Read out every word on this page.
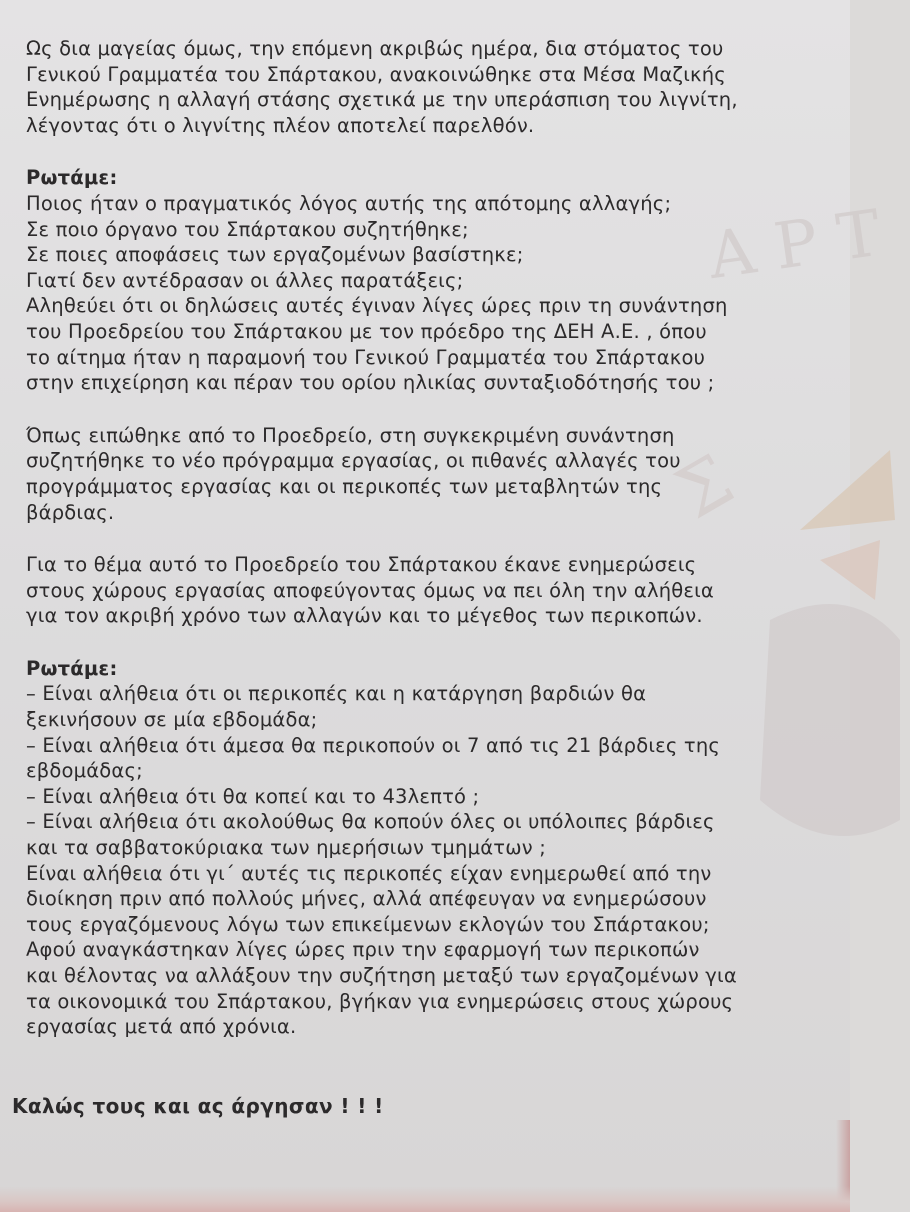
Α Ρ Τ
Σ

Ως δια μαγείας όμως, την επόμενη ακριβώς ημέρα, δια στόματος του
Γενικού Γραμματέα του Σπάρτακου, ανακοινώθηκε στα Μέσα Μαζικής
Ενημέρωσης η αλλαγή στάσης σχετικά με την υπεράσπιση του λιγνίτη,
λέγοντας ότι ο λιγνίτης πλέον αποτελεί παρελθόν.

Ρωτάμε:
Ποιος ήταν ο πραγματικός λόγος αυτής της απότομης αλλαγής;
Σε ποιο όργανο του Σπάρτακου συζητήθηκε;
Σε ποιες αποφάσεις των εργαζομένων βασίστηκε;
Γιατί δεν αντέδρασαν οι άλλες παρατάξεις;
Αληθεύει ότι οι δηλώσεις αυτές έγιναν λίγες ώρες πριν τη συνάντηση
του Προεδρείου του Σπάρτακου με τον πρόεδρο της ΔΕΗ Α.Ε. , όπου
το αίτημα ήταν η παραμονή του Γενικού Γραμματέα του Σπάρτακου
στην επιχείρηση και πέραν του ορίου ηλικίας συνταξιοδότησής του ;

Όπως ειπώθηκε από το Προεδρείο, στη συγκεκριμένη συνάντηση
συζητήθηκε το νέο πρόγραμμα εργασίας, οι πιθανές αλλαγές του
προγράμματος εργασίας και οι περικοπές των μεταβλητών της
βάρδιας.

Για το θέμα αυτό το Προεδρείο του Σπάρτακου έκανε ενημερώσεις
στους χώρους εργασίας αποφεύγοντας όμως να πει όλη την αλήθεια
για τον ακριβή χρόνο των αλλαγών και το μέγεθος των περικοπών.

Ρωτάμε:
– Είναι αλήθεια ότι οι περικοπές και η κατάργηση βαρδιών θα
ξεκινήσουν σε μία εβδομάδα;
– Είναι αλήθεια ότι άμεσα θα περικοπούν οι 7 από τις 21 βάρδιες της
εβδομάδας;
– Είναι αλήθεια ότι θα κοπεί και το 43λεπτό ;
– Είναι αλήθεια ότι ακολούθως θα κοπούν όλες οι υπόλοιπες βάρδιες
και τα σαββατοκύριακα των ημερήσιων τμημάτων ;
Είναι αλήθεια ότι γι΄ αυτές τις περικοπές είχαν ενημερωθεί από την
διοίκηση πριν από πολλούς μήνες, αλλά απέφευγαν να ενημερώσουν
τους εργαζόμενους λόγω των επικείμενων εκλογών του Σπάρτακου;
Αφού αναγκάστηκαν λίγες ώρες πριν την εφαρμογή των περικοπών
και θέλοντας να αλλάξουν την συζήτηση μεταξύ των εργαζομένων για
τα οικονομικά του Σπάρτακου, βγήκαν για ενημερώσεις στους χώρους
εργασίας μετά από χρόνια.

Καλώς τους και ας άργησαν ! ! !
